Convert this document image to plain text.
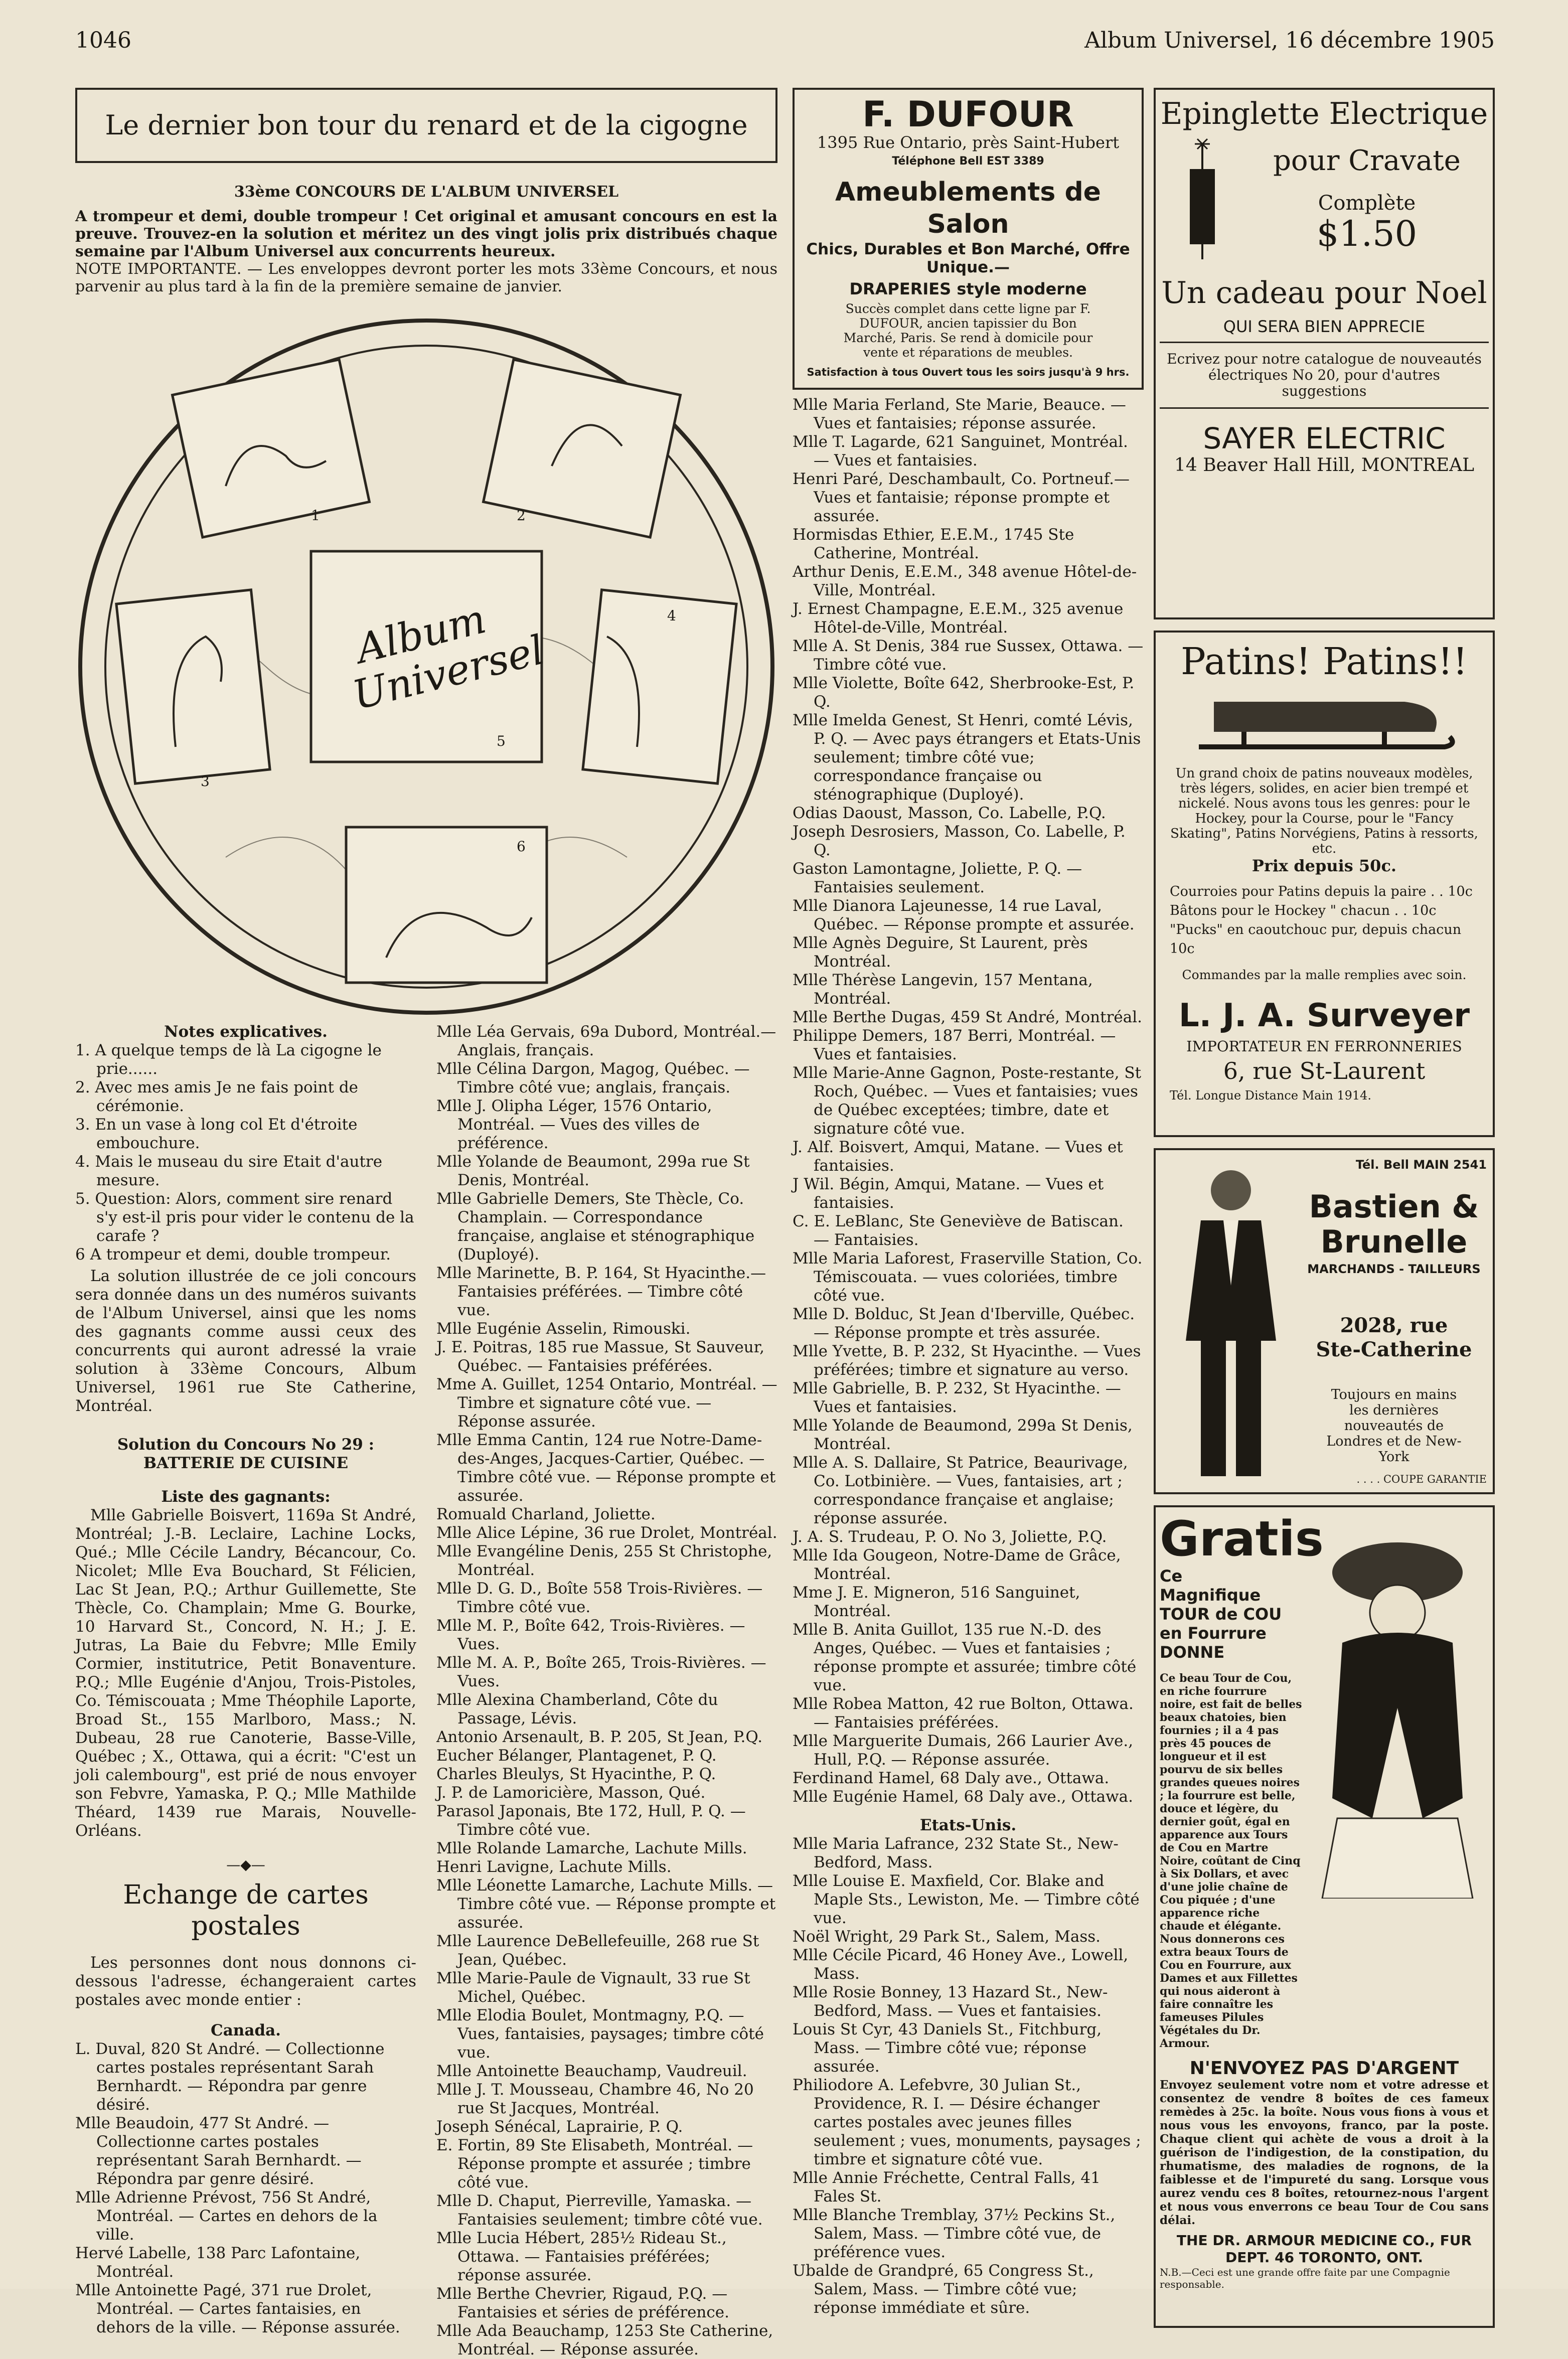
1046	Album Universel, 16 décembre 1905
Le dernier bon tour du renard et de la cigogne

33ème CONCOURS DE L'ALBUM UNIVERSEL

A trompeur et demi, double trompeur ! Cet original et amusant concours en est la preuve. Trouvez-en la solution et méritez un des vingt jolis prix distribués chaque semaine par l'Album Universel aux concurrents heureux.

NOTE IMPORTANTE. — Les enveloppes devront porter les mots 33ème Concours, et nous parvenir au plus tard à la fin de la première semaine de janvier.

Album Universel
1	2
3
4
5
6

Notes explicatives.

1. A quelque temps de là La cigogne le prie......

2. Avec mes amis Je ne fais point de cérémonie.

3. En un vase à long col Et d'étroite embouchure.

4. Mais le museau du sire Etait d'autre mesure.

5. Question: Alors, comment sire renard s'y est-il pris pour vider le contenu de la carafe ?

6 A trompeur et demi, double trompeur.

La solution illustrée de ce joli concours sera donnée dans un des numéros suivants de l'Album Universel, ainsi que les noms des gagnants comme aussi ceux des concurrents qui auront adressé la vraie solution à 33ème Concours, Album Universel, 1961 rue Ste Catherine, Montréal.

Solution du Concours No 29 :

BATTERIE DE CUISINE

Liste des gagnants:

Mlle Gabrielle Boisvert, 1169a St André, Montréal; J.-B. Leclaire, Lachine Locks, Qué.; Mlle Cécile Landry, Bécancour, Co. Nicolet; Mlle Eva Bouchard, St Félicien, Lac St Jean, P.Q.; Arthur Guillemette, Ste Thècle, Co. Champlain; Mme G. Bourke, 10 Harvard St., Concord, N. H.; J. E. Jutras, La Baie du Febvre; Mlle Emily Cormier, institutrice, Petit Bonaventure. P.Q.; Mlle Eugénie d'Anjou, Trois-Pistoles, Co. Témiscouata ; Mme Théophile Laporte, Broad St., 155 Marlboro, Mass.; N. Dubeau, 28 rue Canoterie, Basse-Ville, Québec ; X., Ottawa, qui a écrit: "C'est un joli calembourg", est prié de nous envoyer son Febvre, Yamaska, P. Q.; Mlle Mathilde Théard, 1439 rue Marais, Nouvelle-Orléans.

—◆—

Echange de cartes postales

Les personnes dont nous donnons ci-dessous l'adresse, échangeraient cartes postales avec monde entier :

Canada.

L. Duval, 820 St André. — Collectionne cartes postales représentant Sarah Bernhardt. — Répondra par genre désiré.

Mlle Beaudoin, 477 St André. — Collectionne cartes postales représentant Sarah Bernhardt. — Répondra par genre désiré.

Mlle Adrienne Prévost, 756 St André, Montréal. — Cartes en dehors de la ville.

Hervé Labelle, 138 Parc Lafontaine, Montréal.

Mlle Antoinette Pagé, 371 rue Drolet, Montréal. — Cartes fantaisies, en dehors de la ville. — Réponse assurée.

Mlle Léa Gervais, 69a Dubord, Montréal.— Anglais, français.

Mlle Célina Dargon, Magog, Québec. — Timbre côté vue; anglais, français.

Mlle J. Olipha Léger, 1576 Ontario, Montréal. — Vues des villes de préférence.

Mlle Yolande de Beaumont, 299a rue St Denis, Montréal.

Mlle Gabrielle Demers, Ste Thècle, Co. Champlain. — Correspondance française, anglaise et sténographique (Duployé).

Mlle Marinette, B. P. 164, St Hyacinthe.— Fantaisies préférées. — Timbre côté vue.

Mlle Eugénie Asselin, Rimouski.

J. E. Poitras, 185 rue Massue, St Sauveur, Québec. — Fantaisies préférées.

Mme A. Guillet, 1254 Ontario, Montréal. — Timbre et signature côté vue. — Réponse assurée.

Mlle Emma Cantin, 124 rue Notre-Dame-des-Anges, Jacques-Cartier, Québec. — Timbre côté vue. — Réponse prompte et assurée.

Romuald Charland, Joliette.

Mlle Alice Lépine, 36 rue Drolet, Montréal.

Mlle Evangéline Denis, 255 St Christophe, Montréal.

Mlle D. G. D., Boîte 558 Trois-Rivières. — Timbre côté vue.

Mlle M. P., Boîte 642, Trois-Rivières. — Vues.

Mlle M. A. P., Boîte 265, Trois-Rivières. — Vues.

Mlle Alexina Chamberland, Côte du Passage, Lévis.

Antonio Arsenault, B. P. 205, St Jean, P.Q.

Eucher Bélanger, Plantagenet, P. Q.

Charles Bleulys, St Hyacinthe, P. Q.

J. P. de Lamoricière, Masson, Qué.

Parasol Japonais, Bte 172, Hull, P. Q. — Timbre côté vue.

Mlle Rolande Lamarche, Lachute Mills.

Henri Lavigne, Lachute Mills.

Mlle Léonette Lamarche, Lachute Mills. — Timbre côté vue. — Réponse prompte et assurée.

Mlle Laurence DeBellefeuille, 268 rue St Jean, Québec.

Mlle Marie-Paule de Vignault, 33 rue St Michel, Québec.

Mlle Elodia Boulet, Montmagny, P.Q. — Vues, fantaisies, paysages; timbre côté vue.

Mlle Antoinette Beauchamp, Vaudreuil.

Mlle J. T. Mousseau, Chambre 46, No 20 rue St Jacques, Montréal.

Joseph Sénécal, Laprairie, P. Q.

E. Fortin, 89 Ste Elisabeth, Montréal. — Réponse prompte et assurée ; timbre côté vue.

Mlle D. Chaput, Pierreville, Yamaska. — Fantaisies seulement; timbre côté vue.

Mlle Lucia Hébert, 285½ Rideau St., Ottawa. — Fantaisies préférées; réponse assurée.

Mlle Berthe Chevrier, Rigaud, P.Q. — Fantaisies et séries de préférence.

Mlle Ada Beauchamp, 1253 Ste Catherine, Montréal. — Réponse assurée.

F. DUFOUR

1395 Rue Ontario, près Saint-Hubert

Téléphone Bell EST 3389

Ameublements de Salon

Chics, Durables et Bon Marché, Offre Unique.—

DRAPERIES style moderne

Succès complet dans cette ligne par F. DUFOUR, ancien tapissier du Bon Marché, Paris. Se rend à domicile pour vente et réparations de meubles.

Satisfaction à tous Ouvert tous les soirs jusqu'à 9 hrs.

Mlle Maria Ferland, Ste Marie, Beauce. — Vues et fantaisies; réponse assurée.

Mlle T. Lagarde, 621 Sanguinet, Montréal. — Vues et fantaisies.

Henri Paré, Deschambault, Co. Portneuf.— Vues et fantaisie; réponse prompte et assurée.

Hormisdas Ethier, E.E.M., 1745 Ste Catherine, Montréal.

Arthur Denis, E.E.M., 348 avenue Hôtel-de-Ville, Montréal.

J. Ernest Champagne, E.E.M., 325 avenue Hôtel-de-Ville, Montréal.

Mlle A. St Denis, 384 rue Sussex, Ottawa. — Timbre côté vue.

Mlle Violette, Boîte 642, Sherbrooke-Est, P. Q.

Mlle Imelda Genest, St Henri, comté Lévis, P. Q. — Avec pays étrangers et Etats-Unis seulement; timbre côté vue; correspondance française ou sténographique (Duployé).

Odias Daoust, Masson, Co. Labelle, P.Q.

Joseph Desrosiers, Masson, Co. Labelle, P. Q.

Gaston Lamontagne, Joliette, P. Q. — Fantaisies seulement.

Mlle Dianora Lajeunesse, 14 rue Laval, Québec. — Réponse prompte et assurée.

Mlle Agnès Deguire, St Laurent, près Montréal.

Mlle Thérèse Langevin, 157 Mentana, Montréal.

Mlle Berthe Dugas, 459 St André, Montréal.

Philippe Demers, 187 Berri, Montréal. — Vues et fantaisies.

Mlle Marie-Anne Gagnon, Poste-restante, St Roch, Québec. — Vues et fantaisies; vues de Québec exceptées; timbre, date et signature côté vue.

J. Alf. Boisvert, Amqui, Matane. — Vues et fantaisies.

J Wil. Bégin, Amqui, Matane. — Vues et fantaisies.

C. E. LeBlanc, Ste Geneviève de Batiscan. — Fantaisies.

Mlle Maria Laforest, Fraserville Station, Co. Témiscouata. — vues coloriées, timbre côté vue.

Mlle D. Bolduc, St Jean d'Iberville, Québec. — Réponse prompte et très assurée.

Mlle Yvette, B. P. 232, St Hyacinthe. — Vues préférées; timbre et signature au verso.

Mlle Gabrielle, B. P. 232, St Hyacinthe. — Vues et fantaisies.

Mlle Yolande de Beaumond, 299a St Denis, Montréal.

Mlle A. S. Dallaire, St Patrice, Beaurivage, Co. Lotbinière. — Vues, fantaisies, art ; correspondance française et anglaise; réponse assurée.

J. A. S. Trudeau, P. O. No 3, Joliette, P.Q.

Mlle Ida Gougeon, Notre-Dame de Grâce, Montréal.

Mme J. E. Migneron, 516 Sanguinet, Montréal.

Mlle B. Anita Guillot, 135 rue N.-D. des Anges, Québec. — Vues et fantaisies ; réponse prompte et assurée; timbre côté vue.

Mlle Robea Matton, 42 rue Bolton, Ottawa. — Fantaisies préférées.

Mlle Marguerite Dumais, 266 Laurier Ave., Hull, P.Q. — Réponse assurée.

Ferdinand Hamel, 68 Daly ave., Ottawa.

Mlle Eugénie Hamel, 68 Daly ave., Ottawa.

Etats-Unis.

Mlle Maria Lafrance, 232 State St., New-Bedford, Mass.

Mlle Louise E. Maxfield, Cor. Blake and Maple Sts., Lewiston, Me. — Timbre côté vue.

Noël Wright, 29 Park St., Salem, Mass.

Mlle Cécile Picard, 46 Honey Ave., Lowell, Mass.

Mlle Rosie Bonney, 13 Hazard St., New-Bedford, Mass. — Vues et fantaisies.

Louis St Cyr, 43 Daniels St., Fitchburg, Mass. — Timbre côté vue; réponse assurée.

Philiodore A. Lefebvre, 30 Julian St., Providence, R. I. — Désire échanger cartes postales avec jeunes filles seulement ; vues, monuments, paysages ; timbre et signature côté vue.

Mlle Annie Fréchette, Central Falls, 41 Fales St.

Mlle Blanche Tremblay, 37½ Peckins St., Salem, Mass. — Timbre côté vue, de préférence vues.

Ubalde de Grandpré, 65 Congress St., Salem, Mass. — Timbre côté vue; réponse immédiate et sûre.

Epinglette Electrique

pour Cravate

Complète

$1.50

Un cadeau pour Noel

QUI SERA BIEN APPRECIE

Ecrivez pour notre catalogue de nouveautés électriques No 20, pour d'autres suggestions

SAYER ELECTRIC

14 Beaver Hall Hill, MONTREAL

Patins! Patins!!

Un grand choix de patins nouveaux modèles, très légers, solides, en acier bien trempé et nickelé. Nous avons tous les genres: pour le Hockey, pour la Course, pour le "Fancy Skating", Patins Norvégiens, Patins à ressorts, etc.

Prix depuis 50c.

Courroies pour Patins depuis la paire . . 10c

Bâtons pour le Hockey " chacun . . 10c

"Pucks" en caoutchouc pur, depuis chacun 10c

Commandes par la malle remplies avec soin.

L. J. A. Surveyer

IMPORTATEUR EN FERRONNERIES

6, rue St-Laurent

Tél. Longue Distance Main 1914.

Tél. Bell MAIN 2541

Bastien &

Brunelle

MARCHANDS - TAILLEURS

2028, rue

Ste-Catherine

Toujours en mains les dernières nouveautés de Londres et de New-York

. . . . COUPE GARANTIE

Gratis

Ce Magnifique TOUR de COU en Fourrure DONNE

Ce beau Tour de Cou, en riche fourrure noire, est fait de belles beaux chatoies, bien fournies ; il a 4 pas près 45 pouces de longueur et il est pourvu de six belles grandes queues noires ; la fourrure est belle, douce et légère, du dernier goût, égal en apparence aux Tours de Cou en Martre Noire, coûtant de Cinq à Six Dollars, et avec d'une jolie chaîne de Cou piquée ; d'une apparence riche chaude et élégante. Nous donnerons ces extra beaux Tours de Cou en Fourrure, aux Dames et aux Fillettes qui nous aideront à faire connaître les fameuses Pilules Végétales du Dr. Armour.

N'ENVOYEZ PAS D'ARGENT

Envoyez seulement votre nom et votre adresse et consentez de vendre 8 boîtes de ces fameux remèdes à 25c. la boîte. Nous vous fions à vous et nous vous les envoyons, franco, par la poste. Chaque client qui achète de vous a droit à la guérison de l'indigestion, de la constipation, du rhumatisme, des maladies de rognons, de la faiblesse et de l'impureté du sang. Lorsque vous aurez vendu ces 8 boîtes, retournez-nous l'argent et nous vous enverrons ce beau Tour de Cou sans délai.

THE DR. ARMOUR MEDICINE CO., FUR DEPT. 46 TORONTO, ONT.

N.B.—Ceci est une grande offre faite par une Compagnie responsable.
